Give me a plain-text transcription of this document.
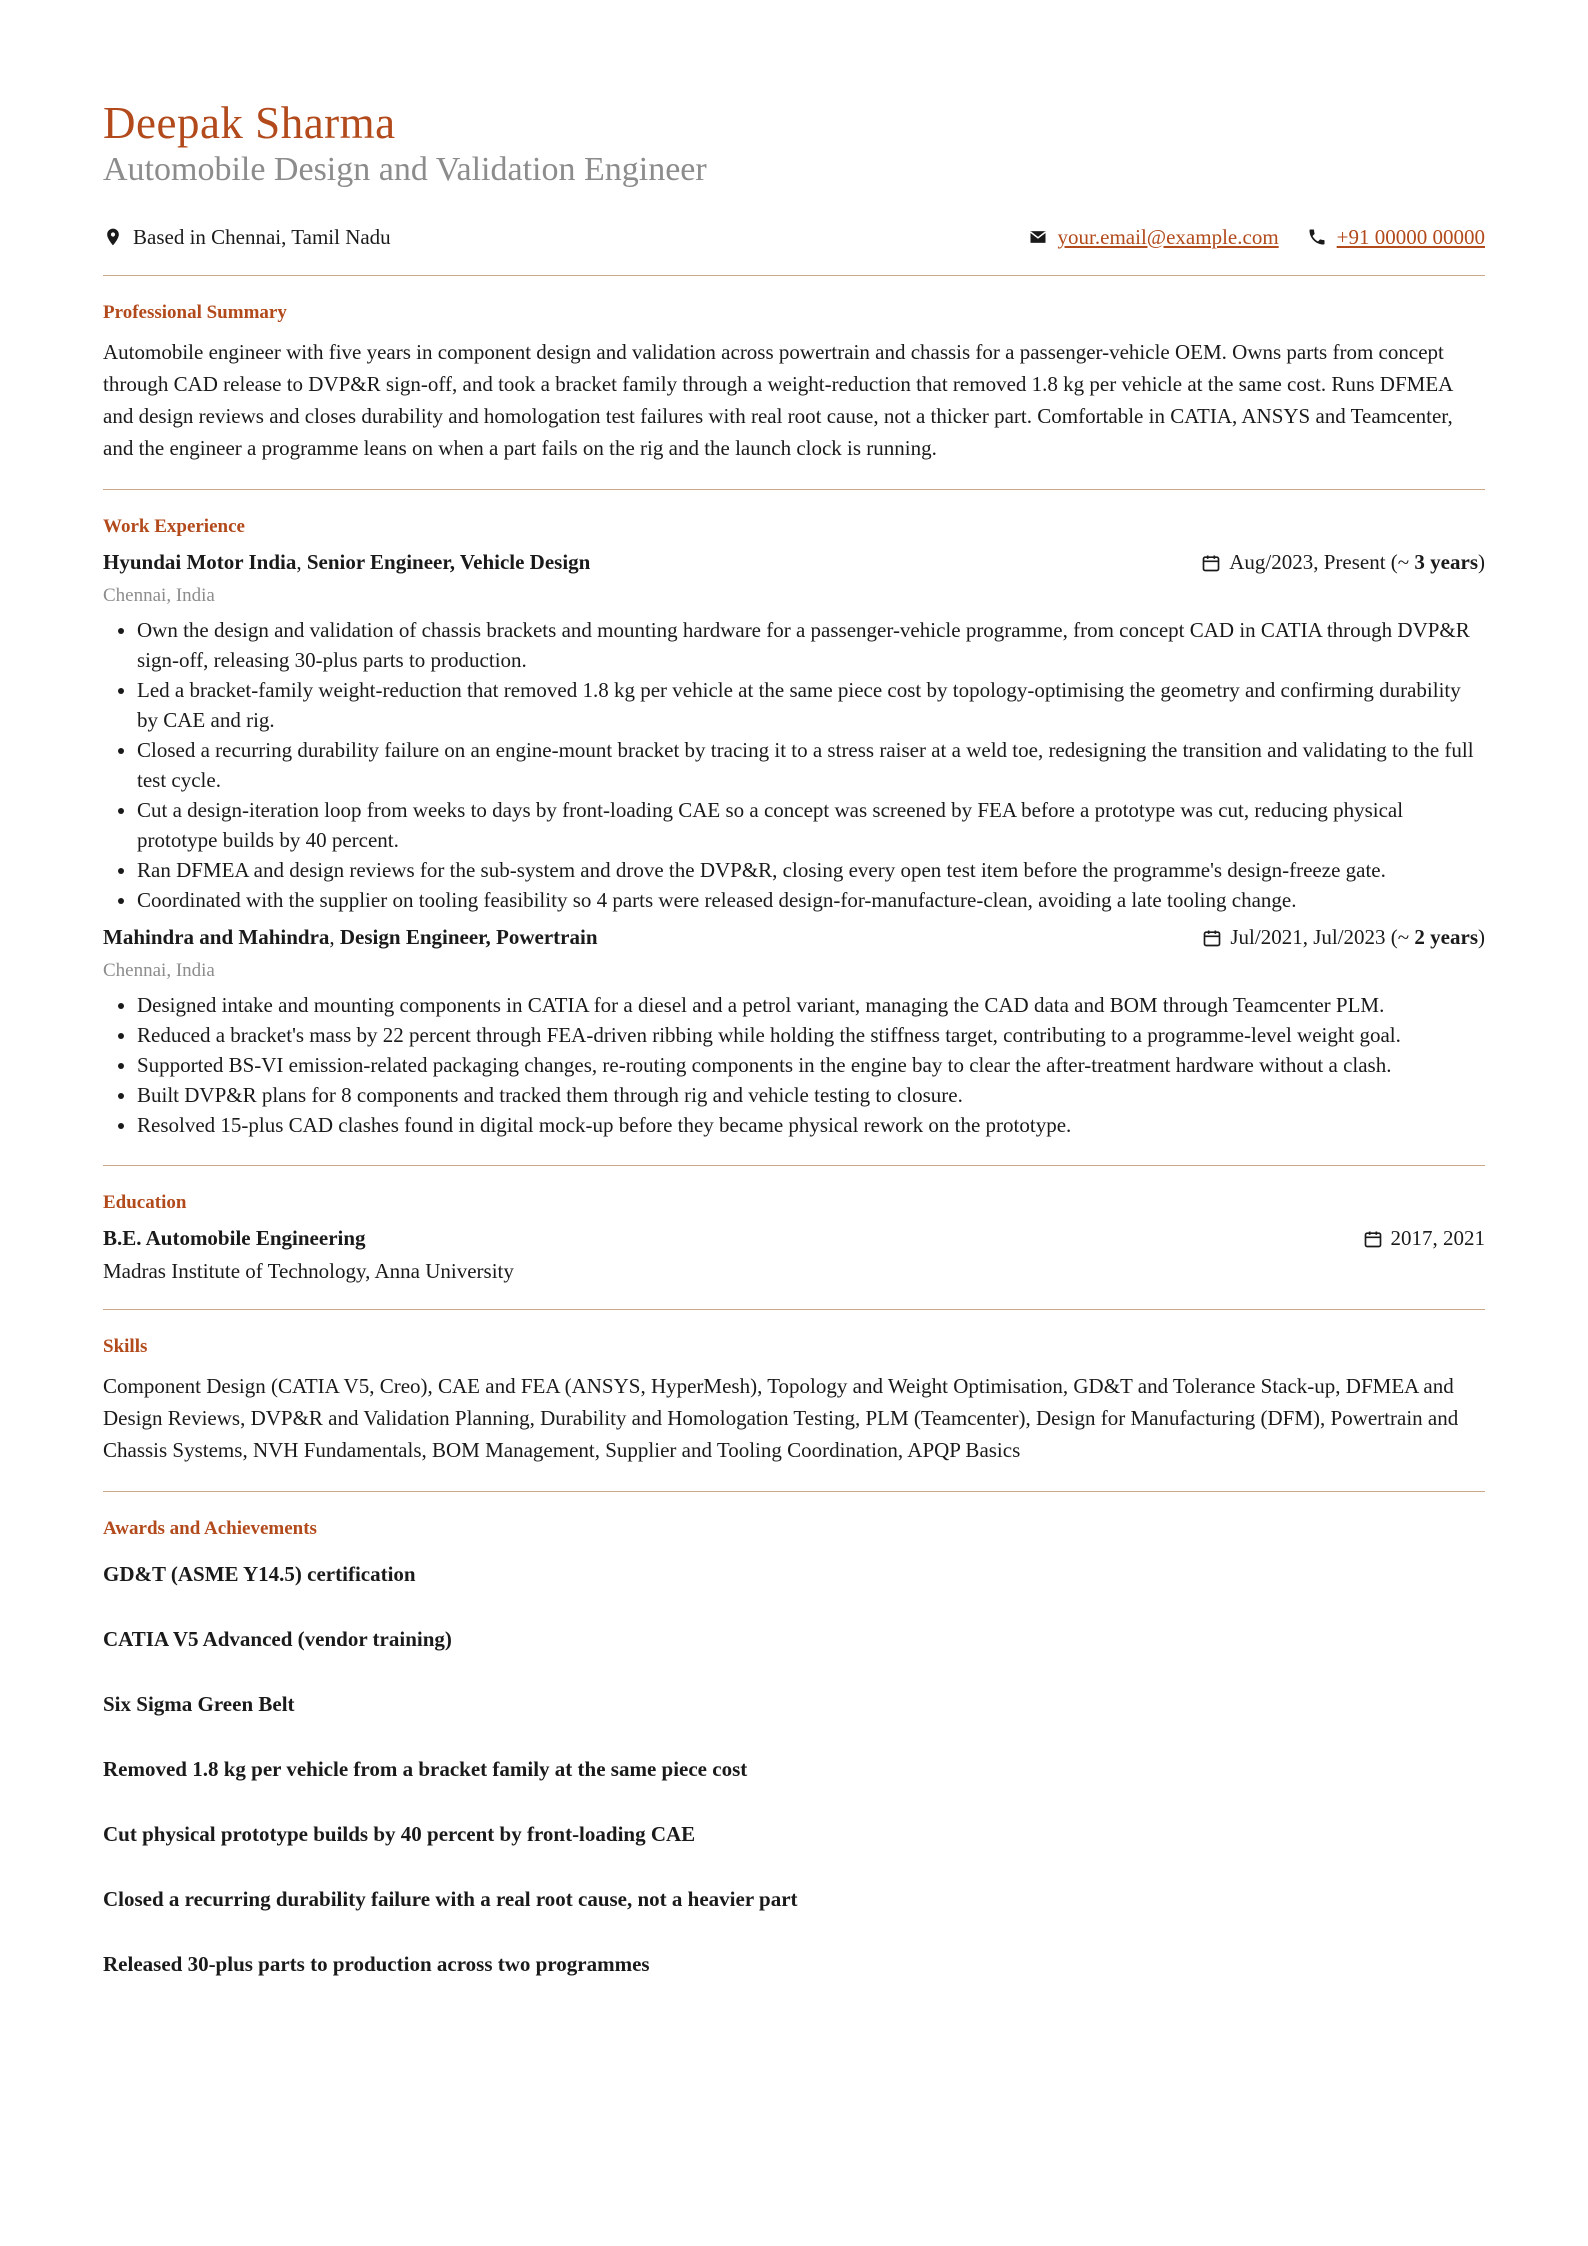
Deepak Sharma
Automobile Design and Validation Engineer
Based in Chennai, Tamil Nadu	your.email@example.com	+91 00000 00000
Professional Summary

Automobile engineer with five years in component design and validation across powertrain and chassis for a passenger-vehicle OEM. Owns parts from concept through CAD release to DVP&R sign-off, and took a bracket family through a weight-reduction that removed 1.8 kg per vehicle at the same cost. Runs DFMEA and design reviews and closes durability and homologation test failures with real root cause, not a thicker part. Comfortable in CATIA, ANSYS and Teamcenter, and the engineer a programme leans on when a part fails on the rig and the launch clock is running.

Work Experience
Hyundai Motor India, Senior Engineer, Vehicle Design	Aug/2023, Present (~ 3 years)
Chennai, India
• Own the design and validation of chassis brackets and mounting hardware for a passenger-vehicle programme, from concept CAD in CATIA through DVP&R sign-off, releasing 30-plus parts to production.
• Led a bracket-family weight-reduction that removed 1.8 kg per vehicle at the same piece cost by topology-optimising the geometry and confirming durability by CAE and rig.
• Closed a recurring durability failure on an engine-mount bracket by tracing it to a stress raiser at a weld toe, redesigning the transition and validating to the full test cycle.
• Cut a design-iteration loop from weeks to days by front-loading CAE so a concept was screened by FEA before a prototype was cut, reducing physical prototype builds by 40 percent.
• Ran DFMEA and design reviews for the sub-system and drove the DVP&R, closing every open test item before the programme's design-freeze gate.
• Coordinated with the supplier on tooling feasibility so 4 parts were released design-for-manufacture-clean, avoiding a late tooling change.
Mahindra and Mahindra, Design Engineer, Powertrain	Jul/2021, Jul/2023 (~ 2 years)
Chennai, India
• Designed intake and mounting components in CATIA for a diesel and a petrol variant, managing the CAD data and BOM through Teamcenter PLM.
• Reduced a bracket's mass by 22 percent through FEA-driven ribbing while holding the stiffness target, contributing to a programme-level weight goal.
• Supported BS-VI emission-related packaging changes, re-routing components in the engine bay to clear the after-treatment hardware without a clash.
• Built DVP&R plans for 8 components and tracked them through rig and vehicle testing to closure.
• Resolved 15-plus CAD clashes found in digital mock-up before they became physical rework on the prototype.
Education
B.E. Automobile Engineering	2017, 2021
Madras Institute of Technology, Anna University
Skills

Component Design (CATIA V5, Creo), CAE and FEA (ANSYS, HyperMesh), Topology and Weight Optimisation, GD&T and Tolerance Stack-up, DFMEA and Design Reviews, DVP&R and Validation Planning, Durability and Homologation Testing, PLM (Teamcenter), Design for Manufacturing (DFM), Powertrain and Chassis Systems, NVH Fundamentals, BOM Management, Supplier and Tooling Coordination, APQP Basics

Awards and Achievements
GD&T (ASME Y14.5) certification
CATIA V5 Advanced (vendor training)
Six Sigma Green Belt
Removed 1.8 kg per vehicle from a bracket family at the same piece cost
Cut physical prototype builds by 40 percent by front-loading CAE
Closed a recurring durability failure with a real root cause, not a heavier part
Released 30-plus parts to production across two programmes
